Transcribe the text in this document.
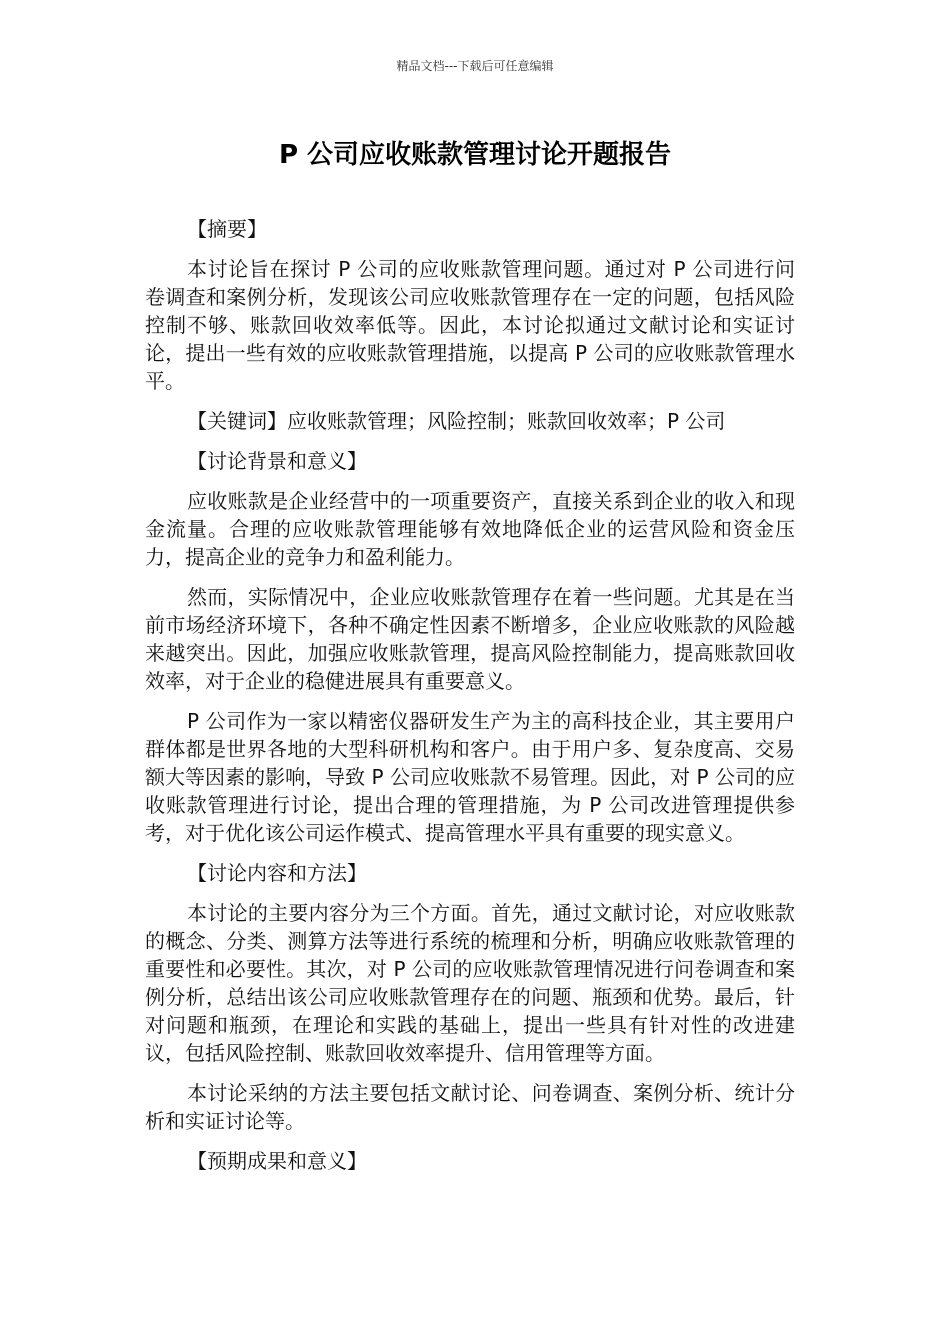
精品文档---下载后可任意编辑
P 公司应收账款管理讨论开题报告
【摘要】
本讨论旨在探讨 P 公司的应收账款管理问题。通过对 P 公司进行问卷调查和案例分析，发现该公司应收账款管理存在一定的问题，包括风险控制不够、账款回收效率低等。因此，本讨论拟通过文献讨论和实证讨论，提出一些有效的应收账款管理措施，以提高 P 公司的应收账款管理水平。
【关键词】应收账款管理；风险控制；账款回收效率；P 公司
【讨论背景和意义】
应收账款是企业经营中的一项重要资产，直接关系到企业的收入和现金流量。合理的应收账款管理能够有效地降低企业的运营风险和资金压力，提高企业的竞争力和盈利能力。
然而，实际情况中，企业应收账款管理存在着一些问题。尤其是在当前市场经济环境下，各种不确定性因素不断增多，企业应收账款的风险越来越突出。因此，加强应收账款管理，提高风险控制能力，提高账款回收效率，对于企业的稳健进展具有重要意义。
P 公司作为一家以精密仪器研发生产为主的高科技企业，其主要用户群体都是世界各地的大型科研机构和客户。由于用户多、复杂度高、交易额大等因素的影响，导致 P 公司应收账款不易管理。因此，对 P 公司的应收账款管理进行讨论，提出合理的管理措施，为 P 公司改进管理提供参考，对于优化该公司运作模式、提高管理水平具有重要的现实意义。
【讨论内容和方法】
本讨论的主要内容分为三个方面。首先，通过文献讨论，对应收账款的概念、分类、测算方法等进行系统的梳理和分析，明确应收账款管理的重要性和必要性。其次，对 P 公司的应收账款管理情况进行问卷调查和案例分析，总结出该公司应收账款管理存在的问题、瓶颈和优势。最后，针对问题和瓶颈，在理论和实践的基础上，提出一些具有针对性的改进建议，包括风险控制、账款回收效率提升、信用管理等方面。
本讨论采纳的方法主要包括文献讨论、问卷调查、案例分析、统计分析和实证讨论等。
【预期成果和意义】
